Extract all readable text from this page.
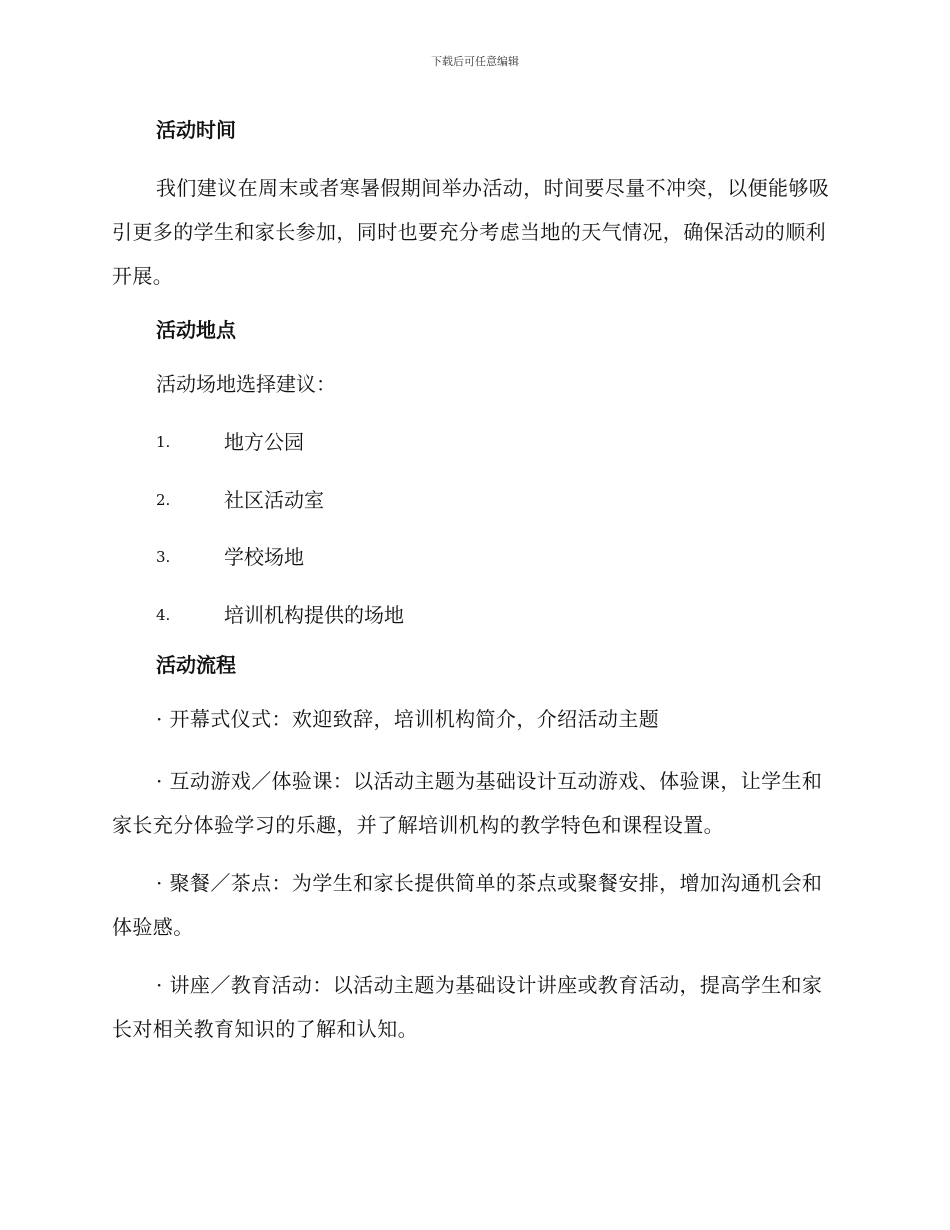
下载后可任意编辑
活动时间

我们建议在周末或者寒暑假期间举办活动，时间要尽量不冲突，以便能够吸引更多的学生和家长参加，同时也要充分考虑当地的天气情况，确保活动的顺利开展。

活动地点

活动场地选择建议：

1.	地方公园
2.	社区活动室
3.	学校场地
4.	培训机构提供的场地
活动流程

· 开幕式仪式：欢迎致辞，培训机构简介，介绍活动主题

· 互动游戏／体验课：以活动主题为基础设计互动游戏、体验课，让学生和家长充分体验学习的乐趣，并了解培训机构的教学特色和课程设置。

· 聚餐／茶点：为学生和家长提供简单的茶点或聚餐安排，增加沟通机会和体验感。

· 讲座／教育活动：以活动主题为基础设计讲座或教育活动，提高学生和家长对相关教育知识的了解和认知。
